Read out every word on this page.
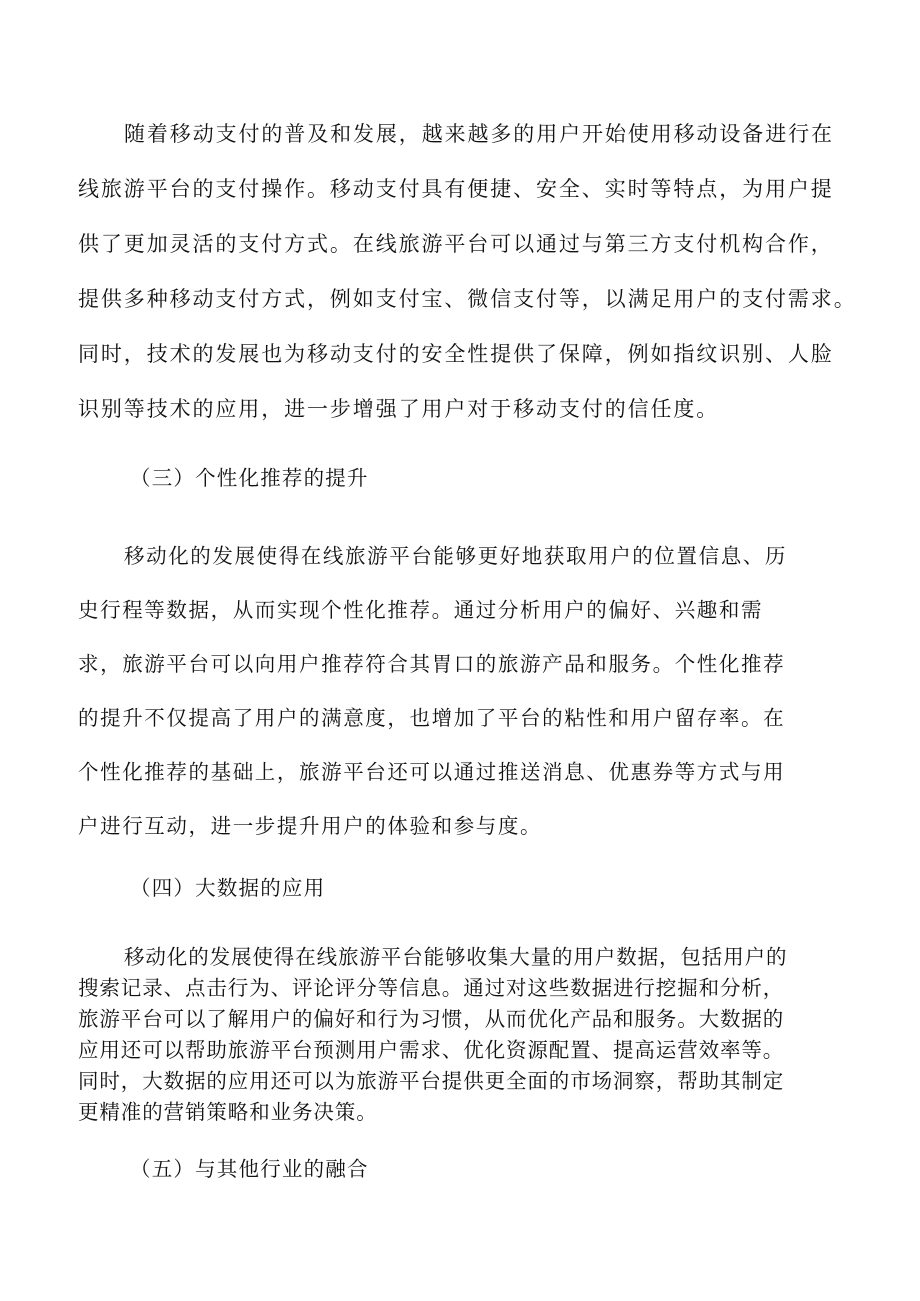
随着移动支付的普及和发展，越来越多的用户开始使用移动设备进行在

线旅游平台的支付操作。移动支付具有便捷、安全、实时等特点，为用户提

供了更加灵活的支付方式。在线旅游平台可以通过与第三方支付机构合作，

提供多种移动支付方式，例如支付宝、微信支付等，以满足用户的支付需求。

同时，技术的发展也为移动支付的安全性提供了保障，例如指纹识别、人脸

识别等技术的应用，进一步增强了用户对于移动支付的信任度。

（三）个性化推荐的提升

移动化的发展使得在线旅游平台能够更好地获取用户的位置信息、历

史行程等数据，从而实现个性化推荐。通过分析用户的偏好、兴趣和需

求，旅游平台可以向用户推荐符合其胃口的旅游产品和服务。个性化推荐

的提升不仅提高了用户的满意度，也增加了平台的粘性和用户留存率。在

个性化推荐的基础上，旅游平台还可以通过推送消息、优惠券等方式与用

户进行互动，进一步提升用户的体验和参与度。

（四）大数据的应用

移动化的发展使得在线旅游平台能够收集大量的用户数据，包括用户的

搜索记录、点击行为、评论评分等信息。通过对这些数据进行挖掘和分析，

旅游平台可以了解用户的偏好和行为习惯，从而优化产品和服务。大数据的

应用还可以帮助旅游平台预测用户需求、优化资源配置、提高运营效率等。

同时，大数据的应用还可以为旅游平台提供更全面的市场洞察，帮助其制定

更精准的营销策略和业务决策。

（五）与其他行业的融合
